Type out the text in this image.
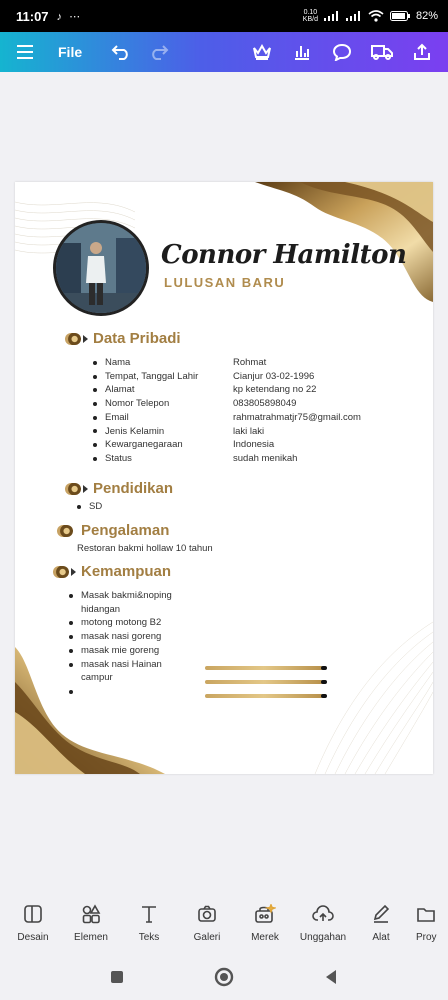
11:07 ♪ ⋯	0.10
KB/d	82%
File
Connor Hamilton
LULUSAN BARU
Data Pribadi
Nama	Rohmat
Tempat, Tanggal Lahir	Cianjur 03-02-1996
Alamat	kp ketendang no 22
Nomor Telepon	083805898049
Email	rahmatrahmatjr75@gmail.com
Jenis Kelamin	laki laki
Kewarganegaraan	Indonesia
Status	sudah menikah
Pendidikan
SD
Pengalaman
Restoran bakmi hollaw 10 tahun
Kemampuan
Masak bakmi&noping hidangan
motong motong B2
masak nasi goreng
masak mie goreng
masak nasi Hainan campur
Desain	Elemen	Teks	Galeri	Merek Unggahan	Alat	Proy
